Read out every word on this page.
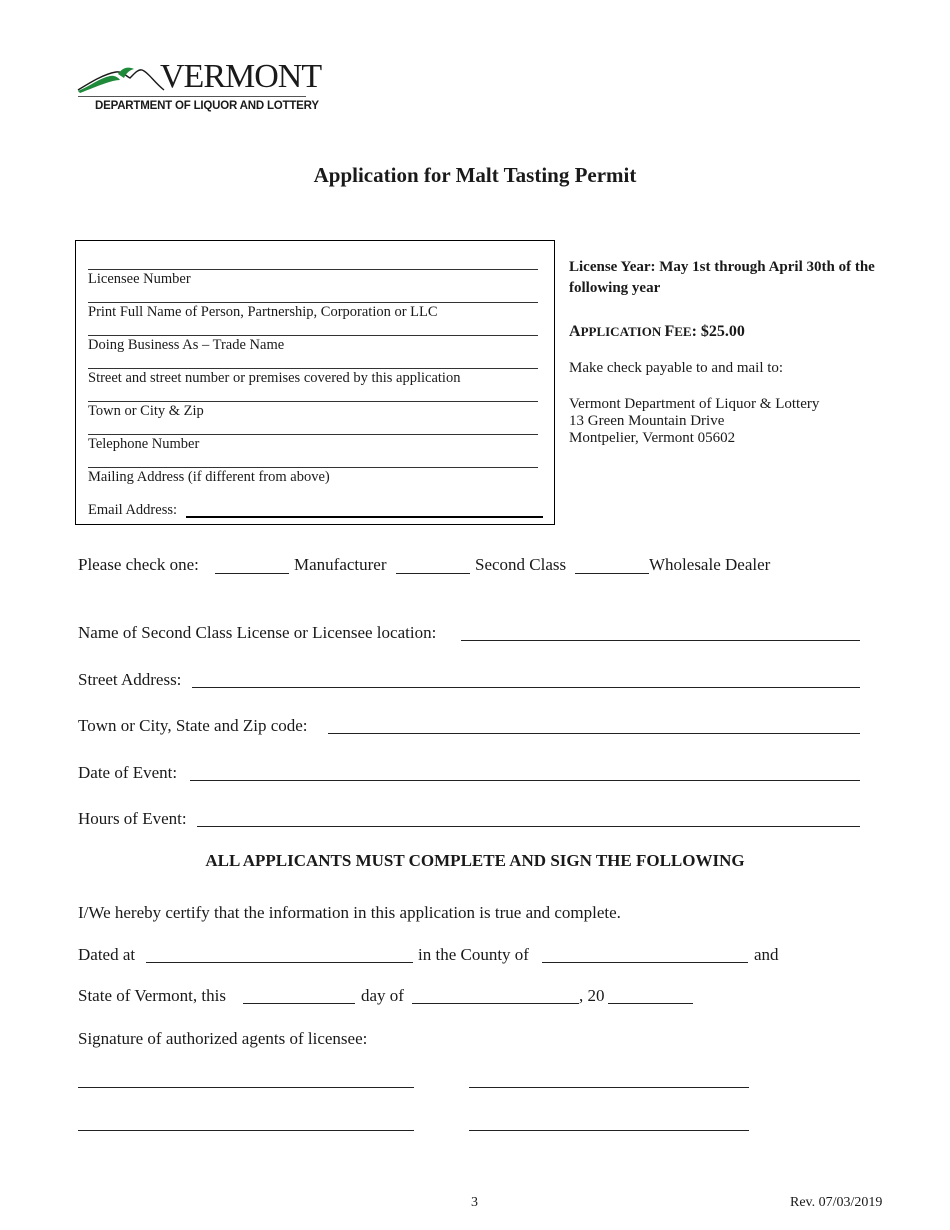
VERMONT
DEPARTMENT OF LIQUOR AND LOTTERY
Application for Malt Tasting Permit
Licensee Number
Print Full Name of Person, Partnership, Corporation or LLC
Doing Business As – Trade Name
Street and street number or premises covered by this application
Town or City & Zip
Telephone Number
Mailing Address (if different from above)
Email Address:
License Year: May 1st through April 30th of the following year
APPLICATION FEE: $25.00
Make check payable to and mail to:
Vermont Department of Liquor & Lottery
13 Green Mountain Drive
Montpelier, Vermont 05602
Please check one:	Manufacturer	Second Class	Wholesale Dealer
Name of Second Class License or Licensee location:
Street Address:
Town or City, State and Zip code:
Date of Event:
Hours of Event:
ALL APPLICANTS MUST COMPLETE AND SIGN THE FOLLOWING
I/We hereby certify that the information in this application is true and complete.
Dated at	in the County of	and
State of Vermont, this	day of	, 20
Signature of authorized agents of licensee:
3	Rev. 07/03/2019
